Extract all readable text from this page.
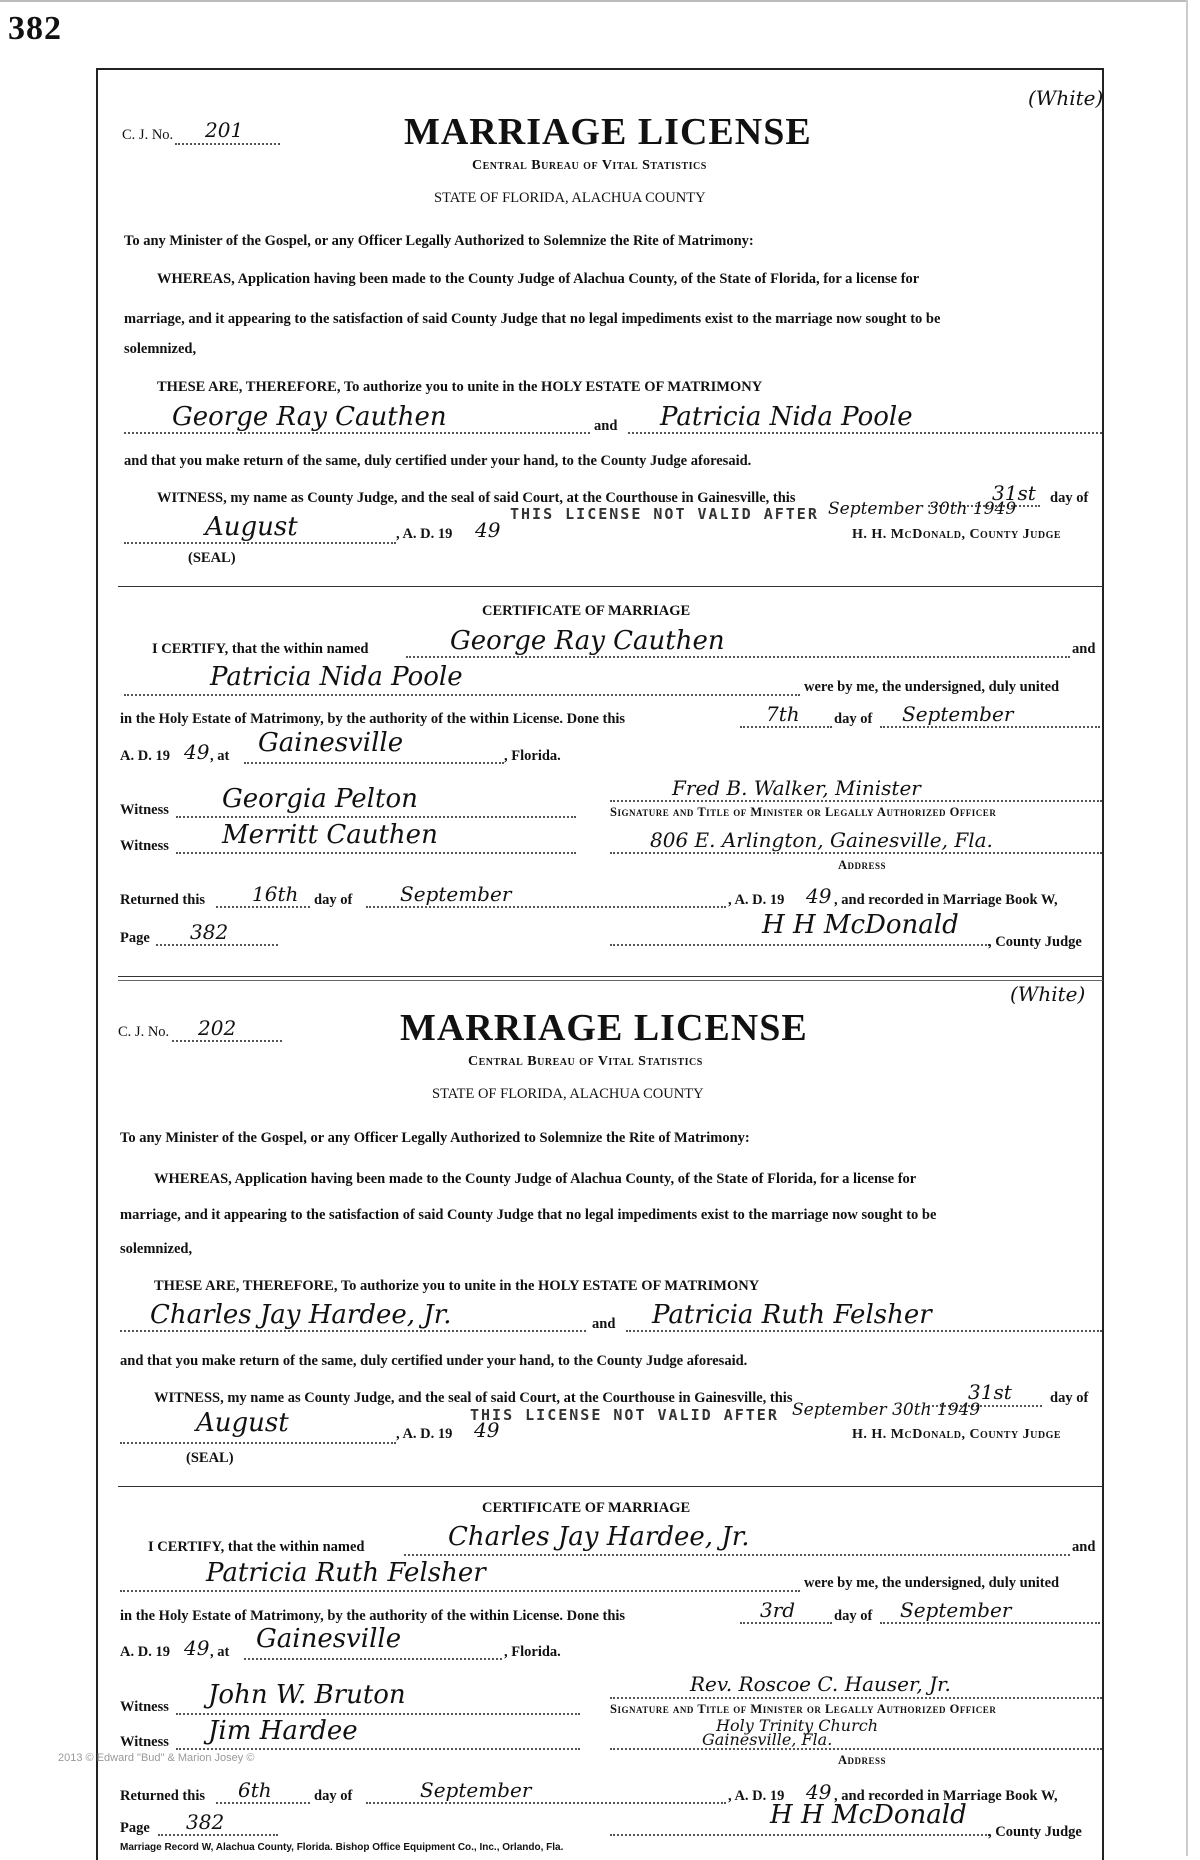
382
(White)
C. J. No. 201	MARRIAGE LICENSE
Central Bureau of Vital Statistics
STATE OF FLORIDA, ALACHUA COUNTY
To any Minister of the Gospel, or any Officer Legally Authorized to Solemnize the Rite of Matrimony:
WHEREAS, Application having been made to the County Judge of Alachua County, of the State of Florida, for a license for
marriage, and it appearing to the satisfaction of said County Judge that no legal impediments exist to the marriage now sought to be
solemnized,
THESE ARE, THEREFORE, To authorize you to unite in the HOLY ESTATE OF MATRIMONY
George Ray Cauthen	and Patricia Nida Poole
and that you make return of the same, duly certified under your hand, to the County Judge aforesaid.
WITNESS, my name as County Judge, and the seal of said Court, at the Courthouse in Gainesville, this	31st day of
THIS LICENSE NOT VALID AFTER September 30th 1949
August	, A. D. 19 49	H. H. McDonald, County Judge
(SEAL)
CERTIFICATE OF MARRIAGE
I CERTIFY, that the within named	George Ray Cauthen	and
Patricia Nida Poole	were by me, the undersigned, duly united
in the Holy Estate of Matrimony, by the authority of the within License. Done this	7th day of September
A. D. 19 49 , at Gainesville	, Florida.
Witness Georgia Pelton	Fred B. Walker, Minister
Signature and Title of Minister or Legally Authorized Officer
Witness Merritt Cauthen	806 E. Arlington, Gainesville, Fla.
Address
Returned this 16th day of September	, A. D. 19 49 , and recorded in Marriage Book W,
Page 382	H H McDonald
, County Judge
(White)
C. J. No. 202	MARRIAGE LICENSE
Central Bureau of Vital Statistics
STATE OF FLORIDA, ALACHUA COUNTY
To any Minister of the Gospel, or any Officer Legally Authorized to Solemnize the Rite of Matrimony:
WHEREAS, Application having been made to the County Judge of Alachua County, of the State of Florida, for a license for
marriage, and it appearing to the satisfaction of said County Judge that no legal impediments exist to the marriage now sought to be
solemnized,
THESE ARE, THEREFORE, To authorize you to unite in the HOLY ESTATE OF MATRIMONY
Charles Jay Hardee, Jr.	and Patricia Ruth Felsher
and that you make return of the same, duly certified under your hand, to the County Judge aforesaid.
WITNESS, my name as County Judge, and the seal of said Court, at the Courthouse in Gainesville, this	31st	day of
THIS LICENSE NOT VALID AFTER September 30th 1949
August	, A. D. 19 49	H. H. McDonald, County Judge
(SEAL)
CERTIFICATE OF MARRIAGE
I CERTIFY, that the within named	Charles Jay Hardee, Jr.	and
Patricia Ruth Felsher	were by me, the undersigned, duly united
in the Holy Estate of Matrimony, by the authority of the within License. Done this	3rd	day of September
A. D. 19 49 , at Gainesville	, Florida.
Witness John W. Bruton	Rev. Roscoe C. Hauser, Jr.
Signature and Title of Minister or Legally Authorized Officer
Holy Trinity Church
Witness Jim Hardee	Gainesville, Fla.
Address
Returned this 6th	day of	September	, A. D. 19 49 , and recorded in Marriage Book W,
Page 382	H H McDonald
, County Judge
2013 © Edward "Bud" & Marion Josey ©
Marriage Record W, Alachua County, Florida. Bishop Office Equipment Co., Inc., Orlando, Fla.
